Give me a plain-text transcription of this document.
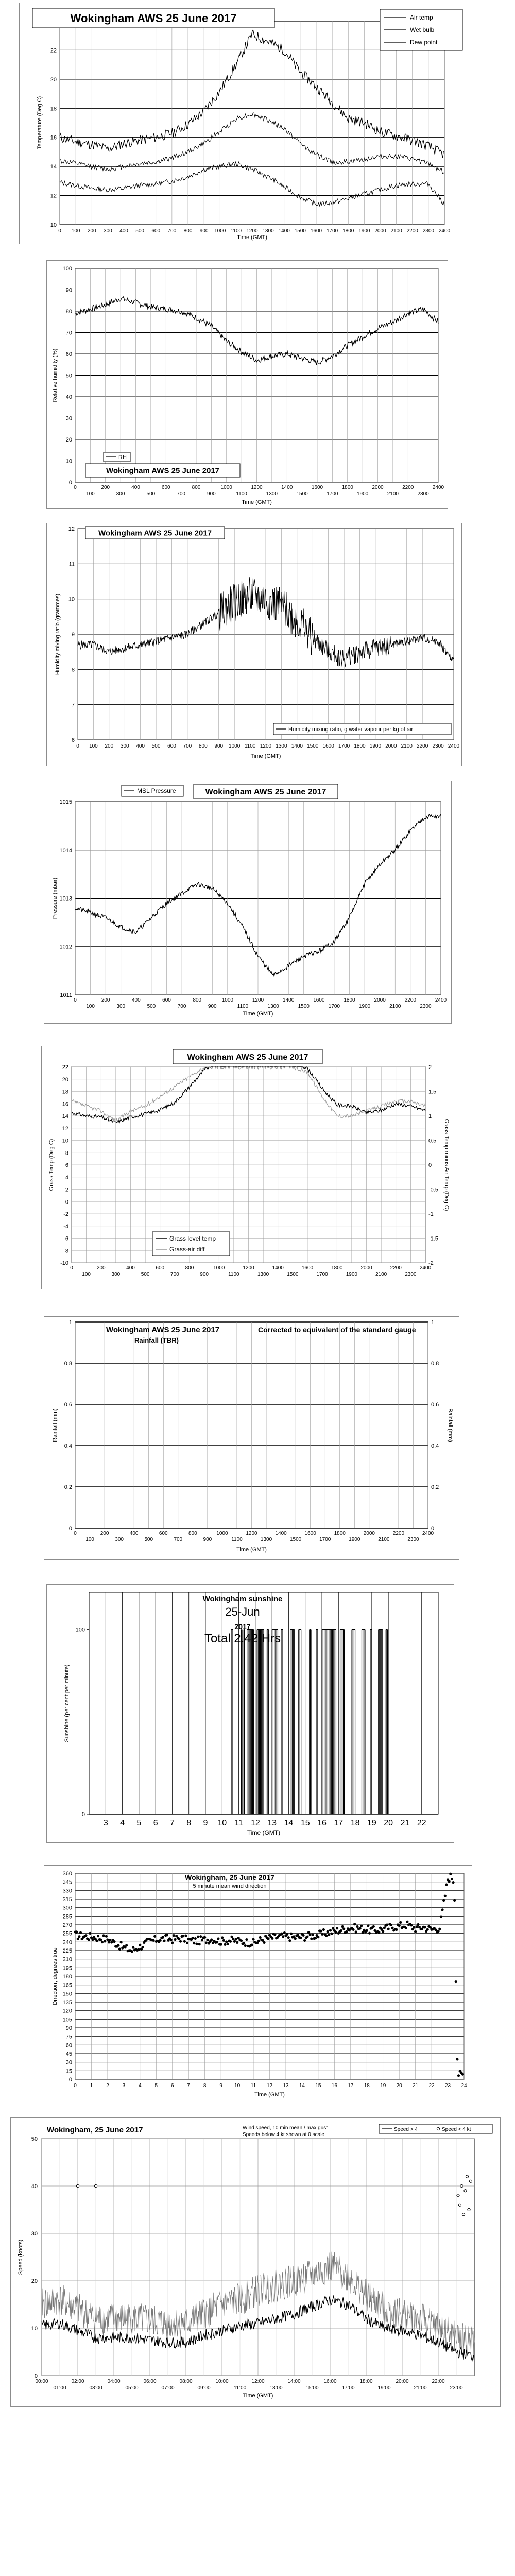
10
12
14
16
18
20
22
0 100 200 300 400 500 600 700 800 900 1000 1100 1200 1300 1400 1500 1600 1700 1800 1900 2000 2100 2200 2300 2400
Time (GMT)
Temperature (Deg C)
Wokingham AWS 25 June 2017	Air temp
Wet bulb
Dew point
0
10
20
30
40
50
60
70
80
90
100
0	200	400	600	800	1000	1200	1400	1600	1800	2000	2200	2400
100	300	500	700	900	1100	1300	1500	1700	1900	2100	2300
Time (GMT)
Relative humidity (%)
RH
Wokingham AWS 25 June 2017
6
7
8
9
10
11
12
0 100 200 300 400 500 600 700 800 900 1000 1100 1200 1300 1400 1500 1600 1700 1800 1900 2000 2100 2200 2300 2400
Time (GMT)
Humidity mixing ratio (grammes)
Wokingham AWS 25 June 2017
Humidity mixing ratio, g water vapour per kg of air
1011
1012
1013
1014
1015
0	200	400	600	800	1000	1200	1400	1600	1800	2000	2200	2400
100	300	500	700	900	1100	1300	1500	1700	1900	2100	2300
Time (GMT)
Pressure (mbar)
MSL Pressure	Wokingham AWS 25 June 2017
-10
-8
-6
-4
-2
0
2
4
6
8
10
12
14
16
18
20
22
0	200	400	600	800	1000	1200	1400	1600	1800	2000	2200	2400
100	300	500	700	900	1100	1300	1500	1700	1900	2100	2300
Grass Temp (Deg C)
-2
-1.5
-1
-0.5
0
0.5
1
1.5
2
Grass Temp minus Air Temp (Deg C)
Wokingham AWS 25 June 2017
Grass level temp
Grass-air diff
0
0.2
0.4
0.6
0.8
1
0	200	400	600	800	1000	1200	1400	1600	1800	2000	2200	2400
100	300	500	700	900	1100	1300	1500	1700	1900	2100	2300
Time (GMT)
Rainfall (mm)
0
0.2
0.4
0.6
0.8
1
Rainfall (mm)
Wokingham AWS 25 June 2017
Rainfall (TBR)
Corrected to equivalent of the standard gauge
3 4 5 6 7 8 9 10 11 12 13 14 15 16 17 18 19 20 21 22
0
100
Time (GMT)
Sunshine (per cent per minute)
Wokingham sunshine
25-Jun
2017
Total 2.42 Hrs
0
15
30
45
60
75
90
105
120
135
150
165
180
195
210
225
240
255
270
285
300
315
330
345
360
0	1	2	3	4	5	6	7	8	9 10 11 12 13 14 15 16 17 18 19 20 21 22 23 24
Time (GMT)
Direction, degrees true
Wokingham, 25 June 2017
5 minute mean wind direction
0
10
20
30
40
50
00:00	02:00	04:00	06:00	08:00	10:00	12:00	14:00	16:00	18:00	20:00	22:00
01:00	03:00	05:00	07:00	09:00	11:00	13:00	15:00	17:00	19:00	21:00	23:00
Time (GMT)
Speed (knots)
Wokingham, 25 June 2017	Wind speed, 10 min mean / max gust
Speeds below 4 kt shown at 0 scale
Speed > 4	Speed < 4 kt
